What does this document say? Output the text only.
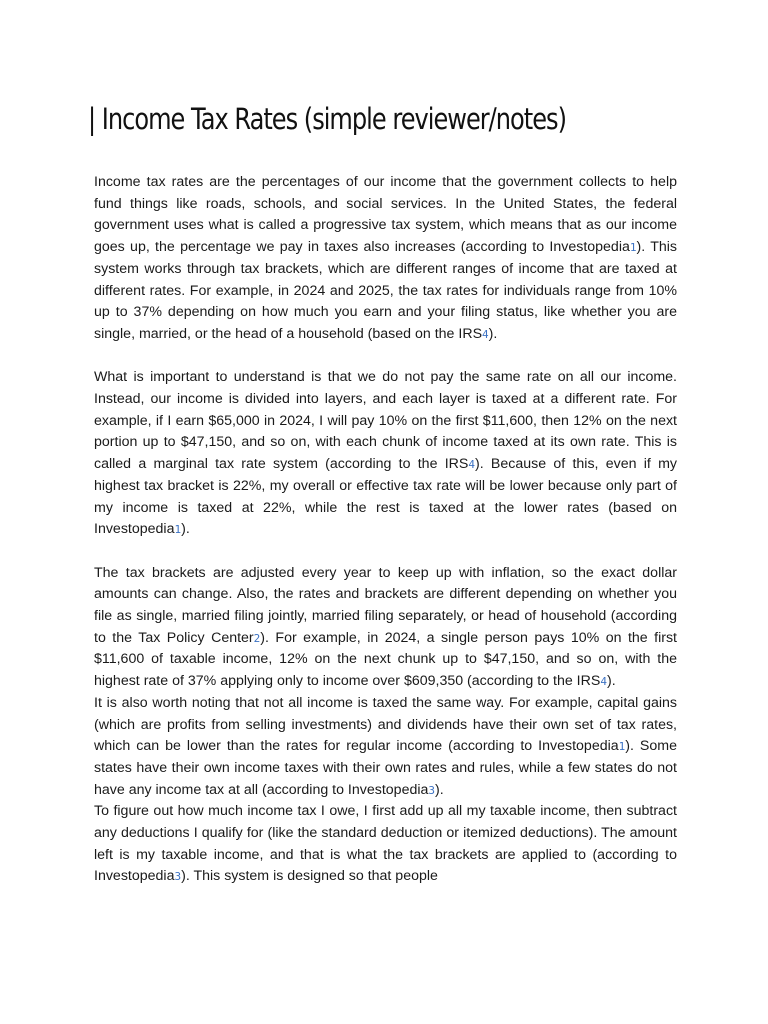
| Income Tax Rates (simple reviewer/notes)

Income tax rates are the percentages of our income that the government collects to help fund things like roads, schools, and social services. In the United States, the federal government uses what is called a progressive tax system, which means that as our income goes up, the percentage we pay in taxes also increases (according to Investopedia1). This system works through tax brackets, which are different ranges of income that are taxed at different rates. For example, in 2024 and 2025, the tax rates for individuals range from 10% up to 37% depending on how much you earn and your filing status, like whether you are single, married, or the head of a household (based on the IRS4).

What is important to understand is that we do not pay the same rate on all our income. Instead, our income is divided into layers, and each layer is taxed at a different rate. For example, if I earn $65,000 in 2024, I will pay 10% on the first $11,600, then 12% on the next portion up to $47,150, and so on, with each chunk of income taxed at its own rate. This is called a marginal tax rate system (according to the IRS4). Because of this, even if my highest tax bracket is 22%, my overall or effective tax rate will be lower because only part of my income is taxed at 22%, while the rest is taxed at the lower rates (based on Investopedia1).

The tax brackets are adjusted every year to keep up with inflation, so the exact dollar amounts can change. Also, the rates and brackets are different depending on whether you file as single, married filing jointly, married filing separately, or head of household (according to the Tax Policy Center2). For example, in 2024, a single person pays 10% on the first $11,600 of taxable income, 12% on the next chunk up to $47,150, and so on, with the highest rate of 37% applying only to income over $609,350 (according to the IRS4).

It is also worth noting that not all income is taxed the same way. For example, capital gains (which are profits from selling investments) and dividends have their own set of tax rates, which can be lower than the rates for regular income (according to Investopedia1). Some states have their own income taxes with their own rates and rules, while a few states do not have any income tax at all (according to Investopedia3).

To figure out how much income tax I owe, I first add up all my taxable income, then subtract any deductions I qualify for (like the standard deduction or itemized deductions). The amount left is my taxable income, and that is what the tax brackets are applied to (according to Investopedia3). This system is designed so that people
